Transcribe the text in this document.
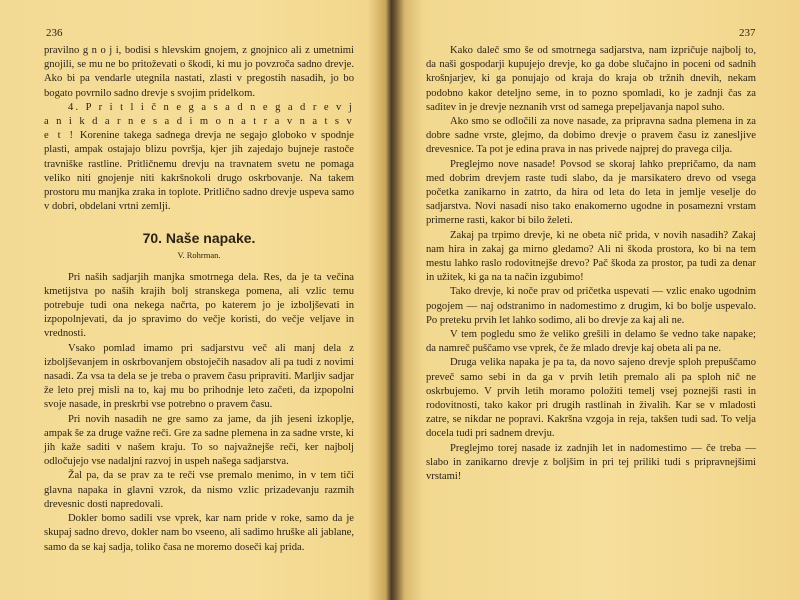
236

pravilno g n o j i, bodisi s hlevskim gnojem, z gnojnico ali z umetnimi gnojili, se mu ne bo pritoževati o škodi, ki mu jo povzroča sadno drevje. Ako bi pa vendarle utegnila nastati, zlasti v pregostih nasadih, jo bo bogato povrnilo sadno drevje s svojim pridelkom.

4. P r i t l i č n e g a s a d n e g a d r e v j a n i k d a r n e s a d i m o n a t r a v n a t s v e t ! Korenine takega sadnega drevja ne segajo globoko v spodnje plasti, ampak ostajajo blizu površja, kjer jih zajedajo bujneje rastoče travniške rastline. Pritličnemu drevju na travnatem svetu ne pomaga veliko niti gnojenje niti kakršnokoli drugo oskrbovanje. Na takem prostoru mu manjka zraka in toplote. Pritlično sadno drevje uspeva samo v dobri, obdelani vrtni zemlji.

70. Naše napake.
V. Rohrman.

Pri naših sadjarjih manjka smotrnega dela. Res, da je ta večina kmetijstva po naših krajih bolj stranskega pomena, ali vzlic temu potrebuje tudi ona nekega načrta, po katerem jo je izboljševati in izpopolnjevati, da jo spravimo do večje koristi, do večje veljave in vrednosti.

Vsako pomlad imamo pri sadjarstvu več ali manj dela z izboljševanjem in oskrbovanjem obstoječih nasadov ali pa tudi z novimi nasadi. Za vsa ta dela se je treba o pravem času pripraviti. Marljiv sadjar že leto prej misli na to, kaj mu bo prihodnje leto začeti, da izpopolni svoje nasade, in preskrbi vse potrebno o pravem času.

Pri novih nasadih ne gre samo za jame, da jih jeseni izkoplje, ampak še za druge važne reči. Gre za sadne plemena in za sadne vrste, ki jih kaže saditi v našem kraju. To so najvažnejše reči, ker najbolj odločujejo vse nadaljni razvoj in uspeh našega sadjarstva.

Žal pa, da se prav za te reči vse premalo menimo, in v tem tiči glavna napaka in glavni vzrok, da nismo vzlic prizadevanju razmih drevesnic dosti napredovali.

Dokler bomo sadili vse vprek, kar nam pride v roke, samo da je skupaj sadno drevo, dokler nam bo vseeno, ali sadimo hruške ali jablane, samo da se kaj sadja, toliko časa ne moremo doseči kaj prida.

237

Kako daleč smo še od smotrnega sadjarstva, nam izpričuje najbolj to, da naši gospodarji kupujejo drevje, ko ga dobe slučajno in poceni od sadnih krošnjarjev, ki ga ponujajo od kraja do kraja ob tržnih dnevih, nekam podobno kakor deteljno seme, in to pozno spomladi, ko je zadnji čas za saditev in je drevje neznanih vrst od samega prepeljavanja napol suho.

Ako smo se odločili za nove nasade, za pripravna sadna plemena in za dobre sadne vrste, glejmo, da dobimo drevje o pravem času iz zanesljive drevesnice. Ta pot je edina prava in nas privede najprej do pravega cilja.

Preglejmo nove nasade! Povsod se skoraj lahko prepričamo, da nam med dobrim drevjem raste tudi slabo, da je marsikatero drevo od vsega početka zanikarno in zatrto, da hira od leta do leta in jemlje veselje do sadjarstva. Novi nasadi niso tako enakomerno ugodne in posamezni vrstam primerne rasti, kakor bi bilo želeti.

Zakaj pa trpimo drevje, ki ne obeta nič prida, v novih nasadih? Zakaj nam hira in zakaj ga mirno gledamo? Ali ni škoda prostora, ko bi na tem mestu lahko raslo rodovitnejše drevo? Pač škoda za prostor, pa tudi za denar in užitek, ki ga na ta način izgubimo!

Tako drevje, ki noče prav od pričetka uspevati — vzlic enako ugodnim pogojem — naj odstranimo in nadomestimo z drugim, ki bo bolje uspevalo. Po preteku prvih let lahko sodimo, ali bo drevje za kaj ali ne.

V tem pogledu smo že veliko grešili in delamo še vedno take napake; da namreč puščamo vse vprek, če že mlado drevje kaj obeta ali pa ne.

Druga velika napaka je pa ta, da novo sajeno drevje sploh prepuščamo preveč samo sebi in da ga v prvih letih premalo ali pa sploh nič ne oskrbujemo. V prvih letih moramo položiti temelj vsej poznejši rasti in rodovitnosti, tako kakor pri drugih rastlinah in živalih. Kar se v mladosti zatre, se nikdar ne popravi. Kakršna vzgoja in reja, takšen tudi sad. To velja docela tudi pri sadnem drevju.

Preglejmo torej nasade iz zadnjih let in nadomestimo — če treba — slabo in zanikarno drevje z boljšim in pri tej priliki tudi s pripravnejšimi vrstami!
